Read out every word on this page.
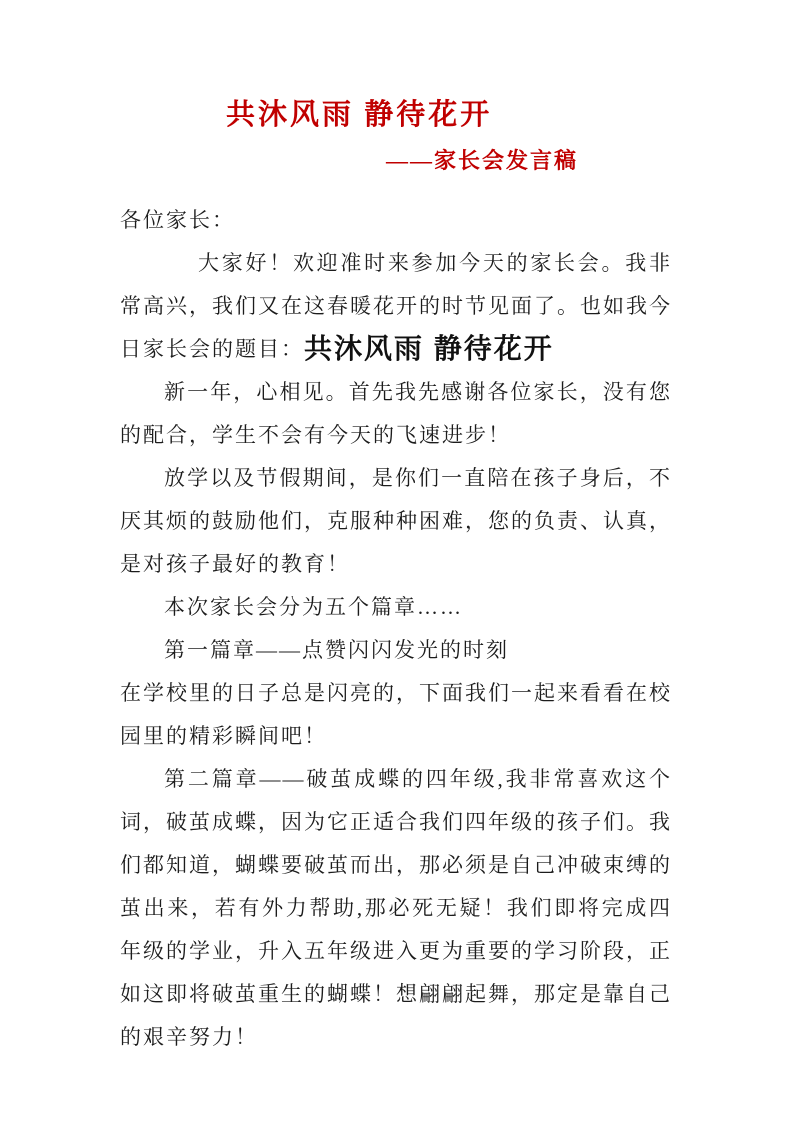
共沐风雨 静待花开
——家长会发言稿

各位家长：

大家好！欢迎准时来参加今天的家长会。我非常高兴，我们又在这春暖花开的时节见面了。也如我今日家长会的题目：共沐风雨 静待花开

新一年，心相见。首先我先感谢各位家长，没有您的配合，学生不会有今天的飞速进步！

放学以及节假期间，是你们一直陪在孩子身后，不厌其烦的鼓励他们，克服种种困难，您的负责、认真，是对孩子最好的教育！

本次家长会分为五个篇章……

第一篇章——点赞闪闪发光的时刻

在学校里的日子总是闪亮的，下面我们一起来看看在校园里的精彩瞬间吧！

第二篇章——破茧成蝶的四年级,我非常喜欢这个词，破茧成蝶，因为它正适合我们四年级的孩子们。我们都知道，蝴蝶要破茧而出，那必须是自己冲破束缚的茧出来，若有外力帮助,那必死无疑！我们即将完成四年级的学业，升入五年级进入更为重要的学习阶段，正如这即将破茧重生的蝴蝶！想翩翩起舞，那定是靠自己的艰辛努力！
